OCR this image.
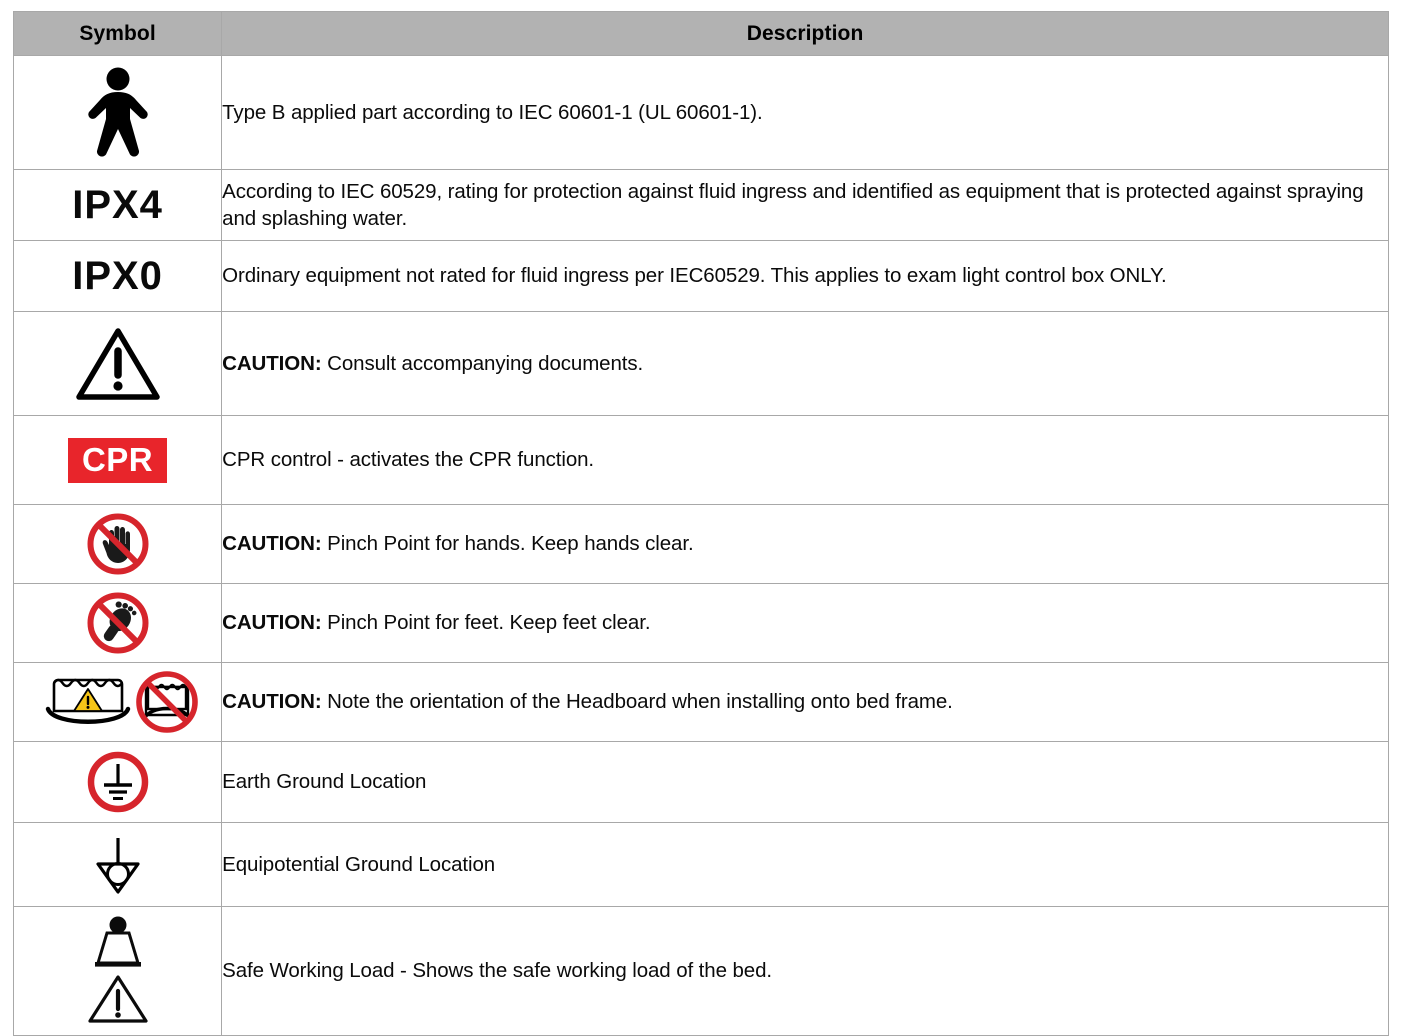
Symbol	Description

	Type B applied part according to IEC 60601-1 (UL 60601-1).

IPX4	According to IEC 60529, rating for protection against fluid ingress and identified as equipment that is protected against spraying and splashing water.

IPX0	Ordinary equipment not rated for fluid ingress per IEC60529. This applies to exam light control box ONLY.

	CAUTION: Consult accompanying documents.

CPR	CPR control - activates the CPR function.

	CAUTION: Pinch Point for hands. Keep hands clear.

	CAUTION: Pinch Point for feet. Keep feet clear.

	CAUTION: Note the orientation of the Headboard when installing onto bed frame.

	Earth Ground Location

	Equipotential Ground Location

	Safe Working Load - Shows the safe working load of the bed.
